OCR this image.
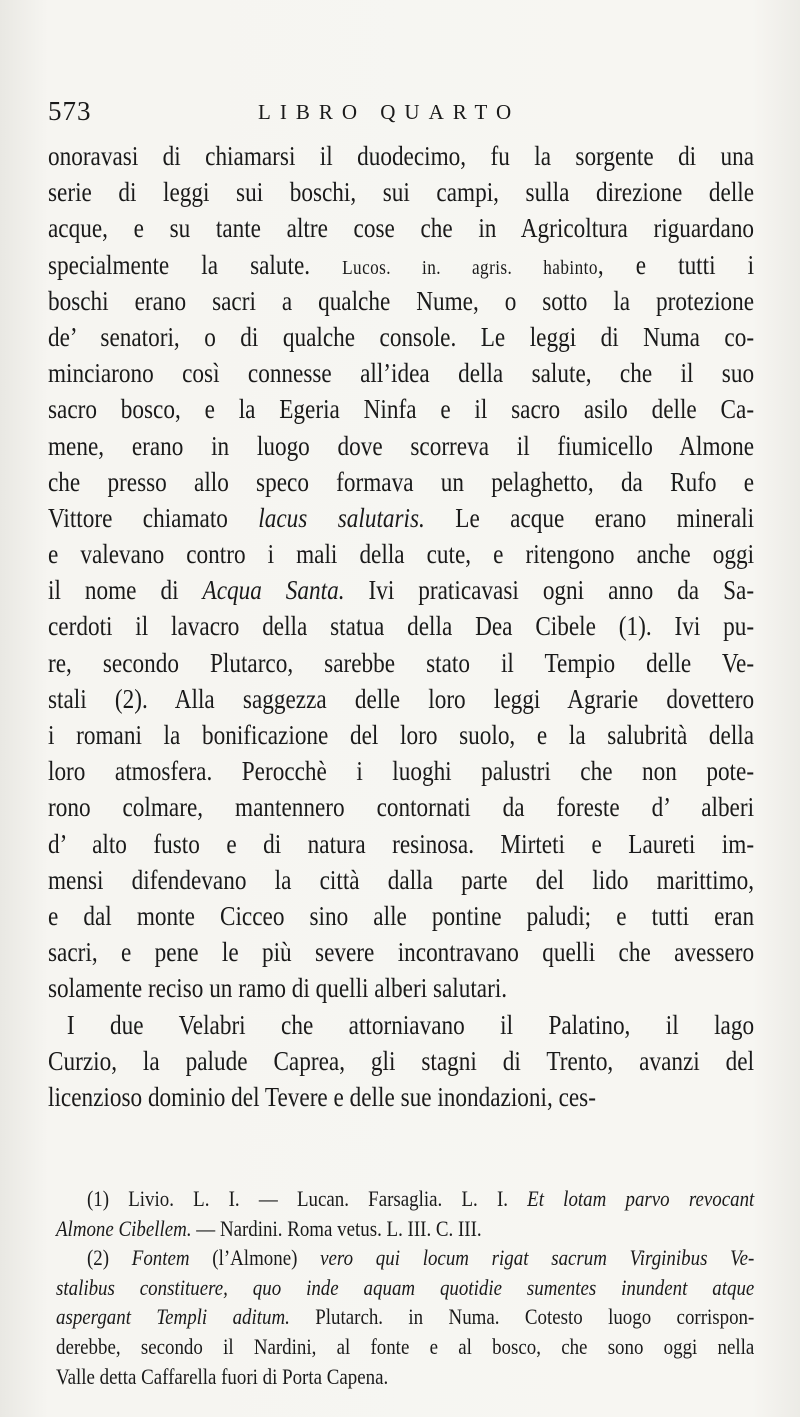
573	LIBRO QUARTO
onoravasi di chiamarsi il duodecimo, fu la sorgente di una
serie di leggi sui boschi, sui campi, sulla direzione delle
acque, e su tante altre cose che in Agricoltura riguardano
specialmente la salute. Lucos. in. agris. habinto, e tutti i
boschi erano sacri a qualche Nume, o sotto la protezione
de’ senatori, o di qualche console. Le leggi di Numa co-
minciarono così connesse all’idea della salute, che il suo
sacro bosco, e la Egeria Ninfa e il sacro asilo delle Ca-
mene, erano in luogo dove scorreva il fiumicello Almone
che presso allo speco formava un pelaghetto, da Rufo e
Vittore chiamato lacus salutaris. Le acque erano minerali
e valevano contro i mali della cute, e ritengono anche oggi
il nome di Acqua Santa. Ivi praticavasi ogni anno da Sa-
cerdoti il lavacro della statua della Dea Cibele (1). Ivi pu-
re, secondo Plutarco, sarebbe stato il Tempio delle Ve-
stali (2). Alla saggezza delle loro leggi Agrarie dovettero
i romani la bonificazione del loro suolo, e la salubrità della
loro atmosfera. Perocchè i luoghi palustri che non pote-
rono colmare, mantennero contornati da foreste d’ alberi
d’ alto fusto e di natura resinosa. Mirteti e Laureti im-
mensi difendevano la città dalla parte del lido marittimo,
e dal monte Cicceo sino alle pontine paludi; e tutti eran
sacri, e pene le più severe incontravano quelli che avessero
solamente reciso un ramo di quelli alberi salutari.
I due Velabri che attorniavano il Palatino, il lago
Curzio, la palude Caprea, gli stagni di Trento, avanzi del
licenzioso dominio del Tevere e delle sue inondazioni, ces-
(1) Livio. L. I. — Lucan. Farsaglia. L. I. Et lotam parvo revocant
Almone Cibellem. — Nardini. Roma vetus. L. III. C. III.
(2) Fontem (l’Almone) vero qui locum rigat sacrum Virginibus Ve-
stalibus constituere, quo inde aquam quotidie sumentes inundent atque
aspergant Templi aditum. Plutarch. in Numa. Cotesto luogo corrispon-
derebbe, secondo il Nardini, al fonte e al bosco, che sono oggi nella
Valle detta Caffarella fuori di Porta Capena.
